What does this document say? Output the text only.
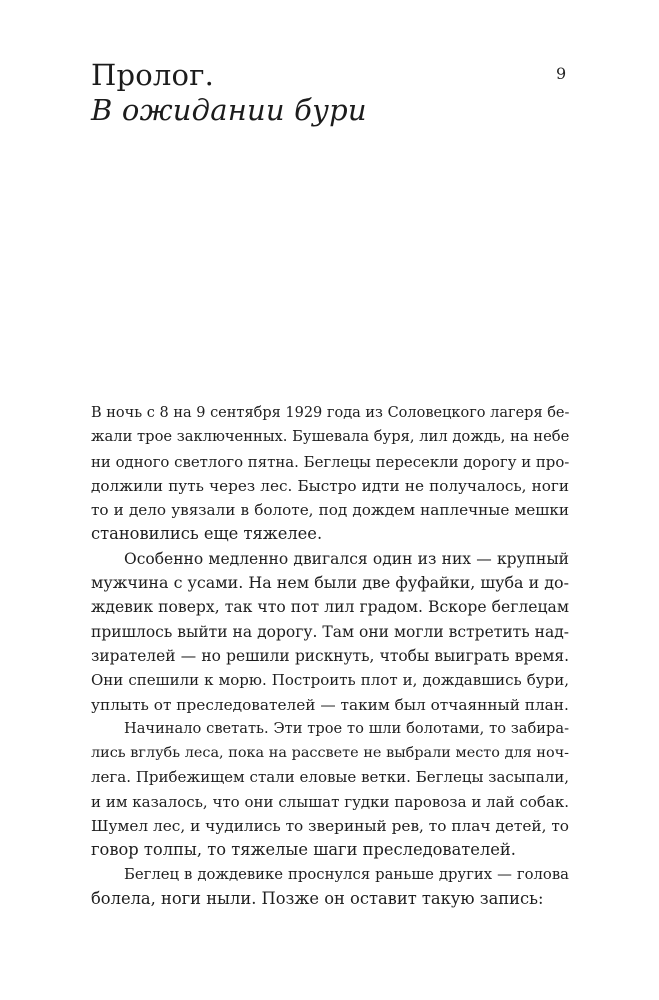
Пролог.
В ожидании бури
9

В ночь с 8 на 9 сентября 1929 года из Соловецкого лагеря бе-
жали трое заключенных. Бушевала буря, лил дождь, на небе
ни одного светлого пятна. Беглецы пересекли дорогу и про-
должили путь через лес. Быстро идти не получалось, ноги
то и дело увязали в болоте, под дождем наплечные мешки
становились еще тяжелее.

Особенно медленно двигался один из них — крупный
мужчина с усами. На нем были две фуфайки, шуба и до-
ждевик поверх, так что пот лил градом. Вскоре беглецам
пришлось выйти на дорогу. Там они могли встретить над-
зирателей — но решили рискнуть, чтобы выиграть время.
Они спешили к морю. Построить плот и, дождавшись бури,
уплыть от преследователей — таким был отчаянный план.

Начинало светать. Эти трое то шли болотами, то забира-
лись вглубь леса, пока на рассвете не выбрали место для ноч-
лега. Прибежищем стали еловые ветки. Беглецы засыпали,
и им казалось, что они слышат гудки паровоза и лай собак.
Шумел лес, и чудились то звериный рев, то плач детей, то
говор толпы, то тяжелые шаги преследователей.

Беглец в дождевике проснулся раньше других — голова
болела, ноги ныли. Позже он оставит такую запись:
